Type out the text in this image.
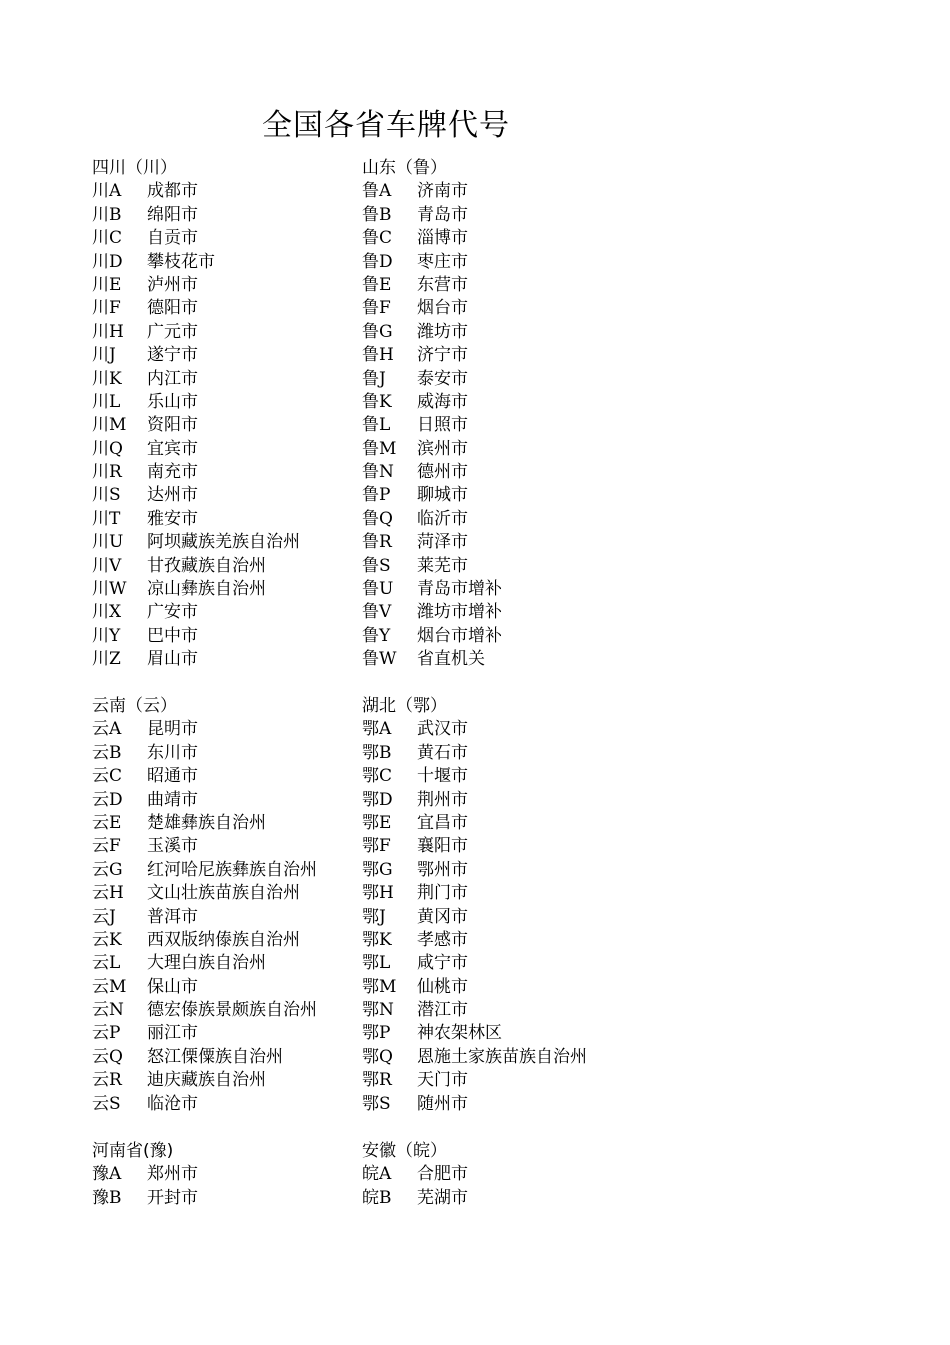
全国各省车牌代号
四川（川）
川A 成都市
川B 绵阳市
川C 自贡市
川D 攀枝花市
川E 泸州市
川F 德阳市
川H 广元市
川J 遂宁市
川K 内江市
川L 乐山市
川M 资阳市
川Q 宜宾市
川R 南充市
川S 达州市
川T 雅安市
川U 阿坝藏族羌族自治州
川V 甘孜藏族自治州
川W 凉山彝族自治州
川X 广安市
川Y 巴中市
川Z 眉山市
山东（鲁）
鲁A 济南市
鲁B 青岛市
鲁C 淄博市
鲁D 枣庄市
鲁E 东营市
鲁F 烟台市
鲁G 潍坊市
鲁H 济宁市
鲁J 泰安市
鲁K 威海市
鲁L 日照市
鲁M 滨州市
鲁N 德州市
鲁P 聊城市
鲁Q 临沂市
鲁R 菏泽市
鲁S 莱芜市
鲁U 青岛市增补
鲁V 潍坊市增补
鲁Y 烟台市增补
鲁W 省直机关
云南（云）
云A 昆明市
云B 东川市
云C 昭通市
云D 曲靖市
云E 楚雄彝族自治州
云F 玉溪市
云G 红河哈尼族彝族自治州
云H 文山壮族苗族自治州
云J 普洱市
云K 西双版纳傣族自治州
云L 大理白族自治州
云M 保山市
云N 德宏傣族景颇族自治州
云P 丽江市
云Q 怒江傈僳族自治州
云R 迪庆藏族自治州
云S 临沧市
湖北（鄂）
鄂A 武汉市
鄂B 黄石市
鄂C 十堰市
鄂D 荆州市
鄂E 宜昌市
鄂F 襄阳市
鄂G 鄂州市
鄂H 荆门市
鄂J 黄冈市
鄂K 孝感市
鄂L 咸宁市
鄂M 仙桃市
鄂N 潜江市
鄂P 神农架林区
鄂Q 恩施土家族苗族自治州
鄂R 天门市
鄂S 随州市
河南省(豫)
豫A 郑州市
豫B 开封市
安徽（皖）
皖A 合肥市
皖B 芜湖市
